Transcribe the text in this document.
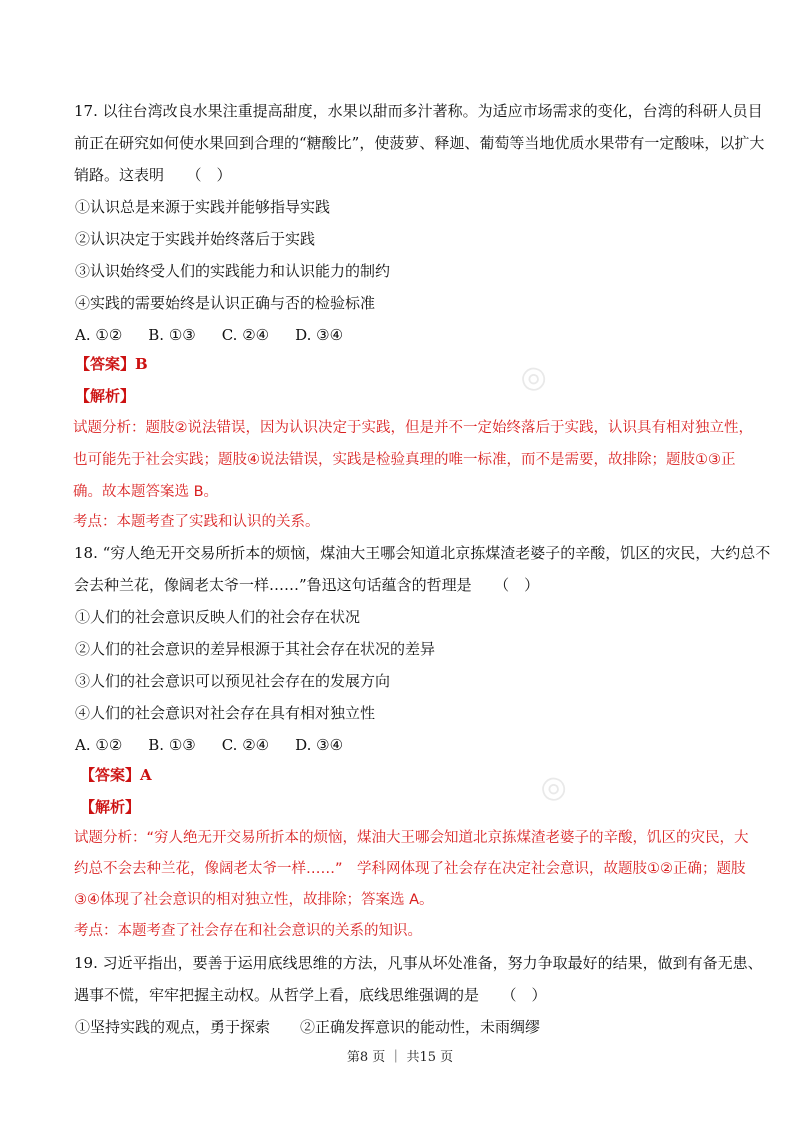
◎
◎
17. 以往台湾改良水果注重提高甜度，水果以甜而多汁著称。为适应市场需求的变化，台湾的科研人员目
前正在研究如何使水果回到合理的“糖酸比”，使菠萝、释迦、葡萄等当地优质水果带有一定酸味，以扩大
销路。这表明　　（　）
①认识总是来源于实践并能够指导实践
②认识决定于实践并始终落后于实践
③认识始终受人们的实践能力和认识能力的制约
④实践的需要始终是认识正确与否的检验标准
A. ①② B. ①③ C. ②④ D. ③④
【答案】B
【解析】
试题分析：题肢②说法错误，因为认识决定于实践，但是并不一定始终落后于实践，认识具有相对独立性，
也可能先于社会实践；题肢④说法错误，实践是检验真理的唯一标准，而不是需要，故排除；题肢①③正
确。故本题答案选 B。
考点：本题考查了实践和认识的关系。
18. “穷人绝无开交易所折本的烦恼，煤油大王哪会知道北京拣煤渣老婆子的辛酸，饥区的灾民，大约总不
会去种兰花，像阔老太爷一样……”鲁迅这句话蕴含的哲理是　　（　）
①人们的社会意识反映人们的社会存在状况
②人们的社会意识的差异根源于其社会存在状况的差异
③人们的社会意识可以预见社会存在的发展方向
④人们的社会意识对社会存在具有相对独立性
A. ①② B. ①③ C. ②④ D. ③④
【答案】A
【解析】
试题分析：“穷人绝无开交易所折本的烦恼，煤油大王哪会知道北京拣煤渣老婆子的辛酸，饥区的灾民，大
约总不会去种兰花，像阔老太爷一样……”　学科网体现了社会存在决定社会意识，故题肢①②正确；题肢
③④体现了社会意识的相对独立性，故排除；答案选 A。
考点：本题考查了社会存在和社会意识的关系的知识。
19. 习近平指出，要善于运用底线思维的方法，凡事从坏处准备，努力争取最好的结果，做到有备无患、
遇事不慌，牢牢把握主动权。从哲学上看，底线思维强调的是　　（　）
①坚持实践的观点，勇于探索　　②正确发挥意识的能动性，未雨绸缪
第8 页 ｜ 共15 页
